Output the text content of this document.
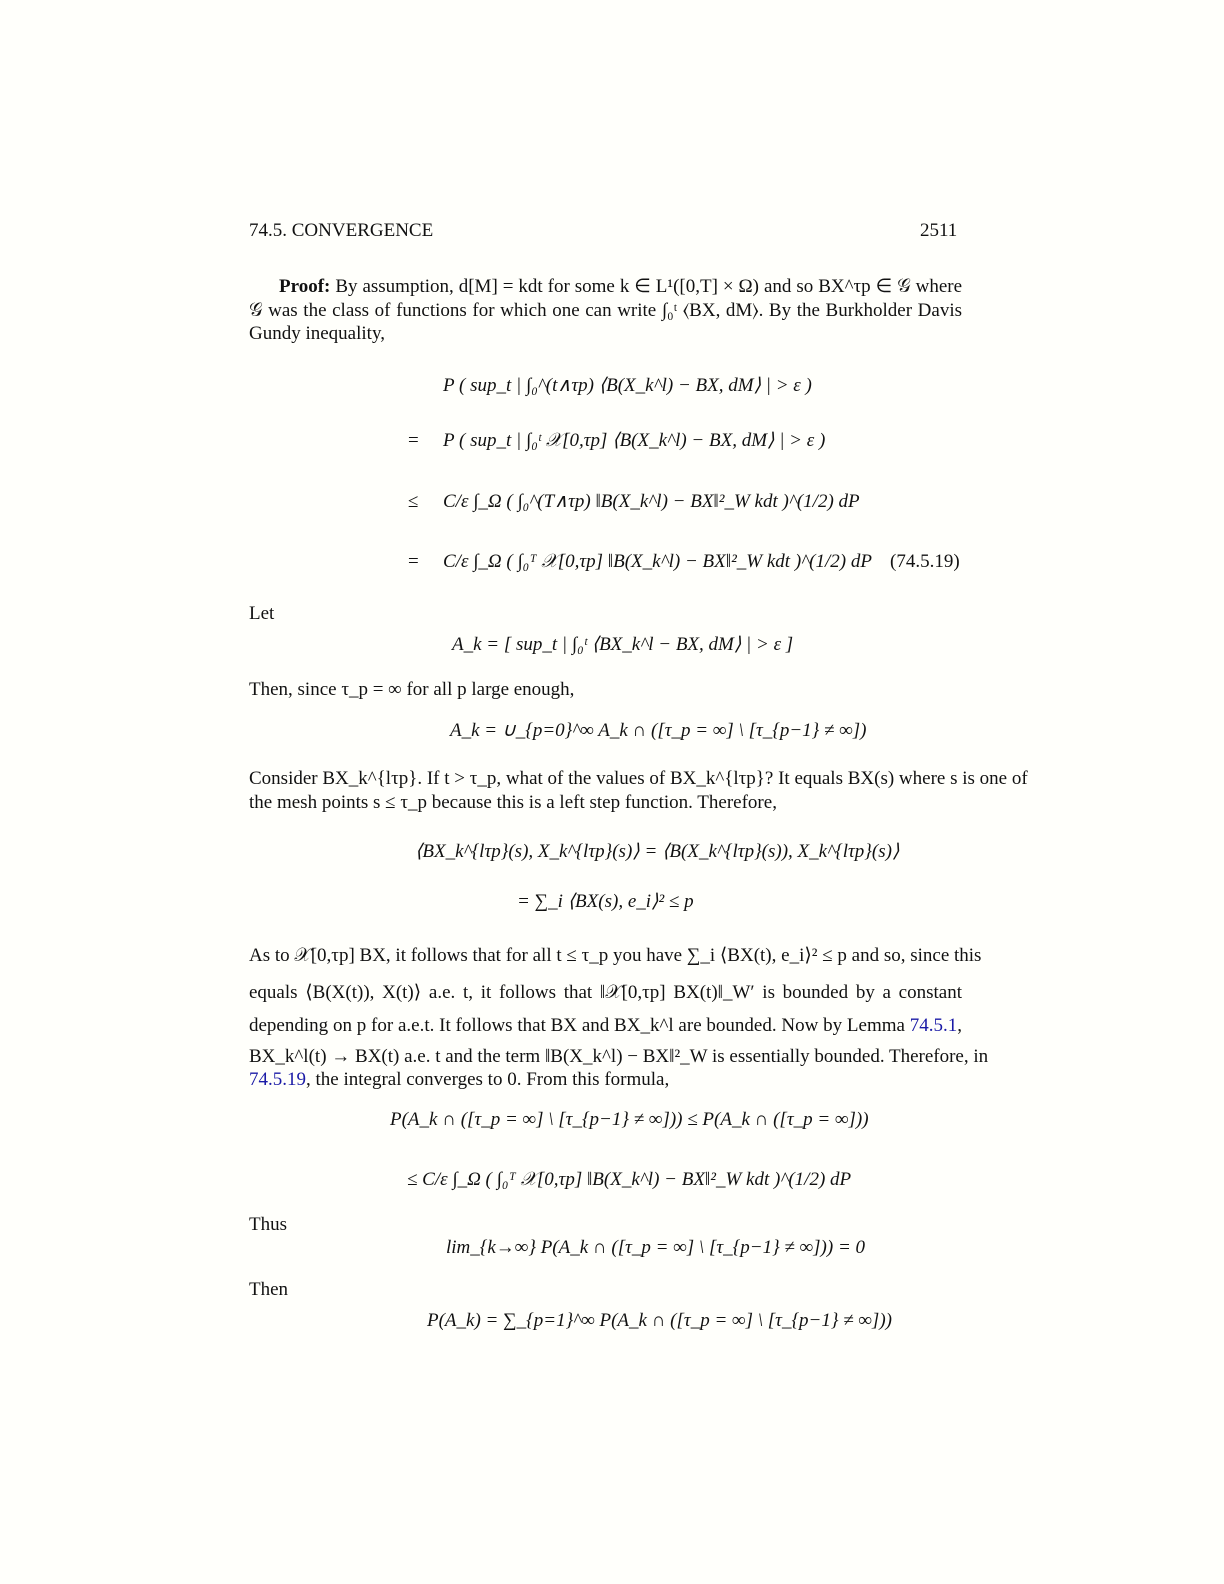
74.5. CONVERGENCE	2511
Proof: By assumption, d[M] = kdt for some k ∈ L¹([0,T] × Ω) and so BX^τp ∈ 𝒢 where
𝒢 was the class of functions for which one can write ∫₀ᵗ ⟨BX, dM⟩. By the Burkholder Davis
Gundy inequality,
P ( sup_t | ∫₀^(t∧τp) ⟨B(X_k^l) − BX, dM⟩ | > ε )
= P ( sup_t | ∫₀ᵗ 𝒳[0,τp] ⟨B(X_k^l) − BX, dM⟩ | > ε )
≤ C/ε ∫_Ω ( ∫₀^(T∧τp) ‖B(X_k^l) − BX‖²_W kdt )^(1/2) dP
= C/ε ∫_Ω ( ∫₀ᵀ 𝒳[0,τp] ‖B(X_k^l) − BX‖²_W kdt )^(1/2) dP (74.5.19)
Let
A_k = [ sup_t | ∫₀ᵗ ⟨BX_k^l − BX, dM⟩ | > ε ]
Then, since τ_p = ∞ for all p large enough,
A_k = ∪_{p=0}^∞ A_k ∩ ([τ_p = ∞] \ [τ_{p−1} ≠ ∞])
Consider BX_k^{lτp}. If t > τ_p, what of the values of BX_k^{lτp}? It equals BX(s) where s is one of
the mesh points s ≤ τ_p because this is a left step function. Therefore,
⟨BX_k^{lτp}(s), X_k^{lτp}(s)⟩ = ⟨B(X_k^{lτp}(s)), X_k^{lτp}(s)⟩
= ∑_i ⟨BX(s), e_i⟩² ≤ p
As to 𝒳[0,τp] BX, it follows that for all t ≤ τ_p you have ∑_i ⟨BX(t), e_i⟩² ≤ p and so, since this
equals ⟨B(X(t)), X(t)⟩ a.e. t, it follows that ‖𝒳[0,τp] BX(t)‖_W′ is bounded by a constant
depending on p for a.e.t. It follows that BX and BX_k^l are bounded. Now by Lemma 74.5.1,
BX_k^l(t) → BX(t) a.e. t and the term ‖B(X_k^l) − BX‖²_W is essentially bounded. Therefore, in
74.5.19, the integral converges to 0. From this formula,
P(A_k ∩ ([τ_p = ∞] \ [τ_{p−1} ≠ ∞])) ≤ P(A_k ∩ ([τ_p = ∞]))
≤ C/ε ∫_Ω ( ∫₀ᵀ 𝒳[0,τp] ‖B(X_k^l) − BX‖²_W kdt )^(1/2) dP
Thus
lim_{k→∞} P(A_k ∩ ([τ_p = ∞] \ [τ_{p−1} ≠ ∞])) = 0
Then
P(A_k) = ∑_{p=1}^∞ P(A_k ∩ ([τ_p = ∞] \ [τ_{p−1} ≠ ∞]))
